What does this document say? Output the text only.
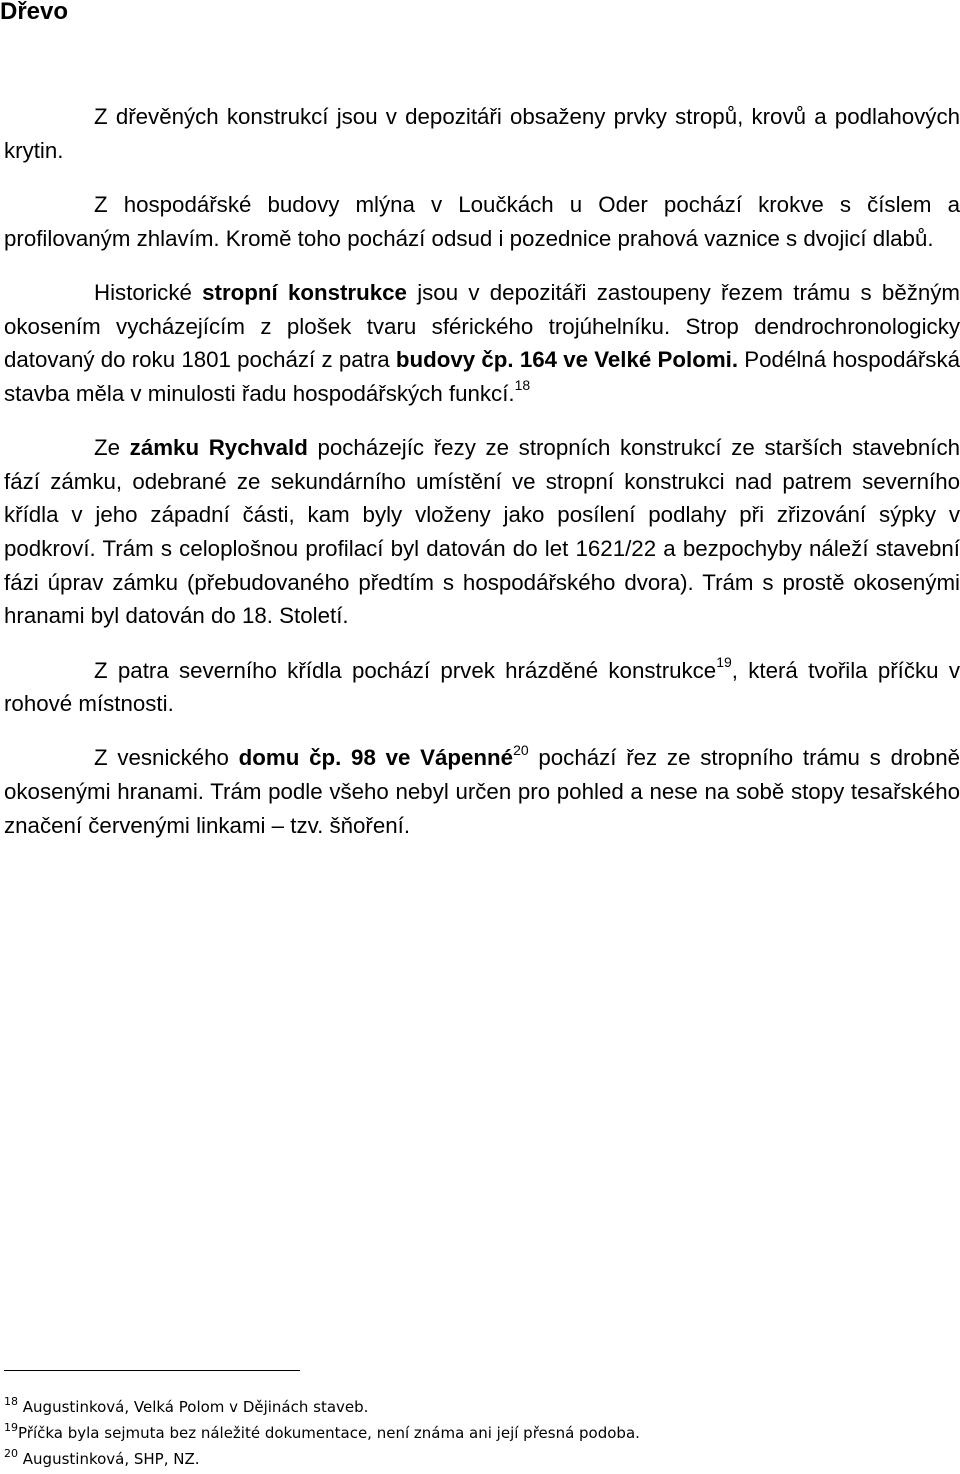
Dřevo

Z dřevěných konstrukcí jsou v depozitáři obsaženy prvky stropů, krovů a podlahových krytin.

Z hospodářské budovy mlýna v Loučkách u Oder pochází krokve s číslem a profilovaným zhlavím. Kromě toho pochází odsud i pozednice prahová vaznice s dvojicí dlabů.

Historické stropní konstrukce jsou v depozitáři zastoupeny řezem trámu s běžným okosením vycházejícím z plošek tvaru sférického trojúhelníku. Strop dendrochronologicky datovaný do roku 1801 pochází z patra budovy čp. 164 ve Velké Polomi. Podélná hospodářská stavba měla v minulosti řadu hospodářských funkcí.$^{18}$

Ze zámku Rychvald pocházejíc řezy ze stropních konstrukcí ze starších stavebních fází zámku, odebrané ze sekundárního umístění ve stropní konstrukci nad patrem severního křídla v jeho západní části, kam byly vloženy jako posílení podlahy při zřizování sýpky v podkroví. Trám s celoplošnou profilací byl datován do let 1621/22 a bezpochyby náleží stavební fázi úprav zámku (přebudovaného předtím s hospodářského dvora). Trám s prostě okosenými hranami byl datován do 18. Století.

Z patra severního křídla pochází prvek hrázděné konstrukce$^{19}$, která tvořila příčku v rohové místnosti.

Z vesnického domu čp. 98 ve Vápenné$^{20}$ pochází řez ze stropního trámu s drobně okosenými hranami. Trám podle všeho nebyl určen pro pohled a nese na sobě stopy tesařského značení červenými linkami – tzv. šňoření.

$^{18}$ Augustinková, Velká Polom v Dějinách staveb.
$^{19}$Příčka byla sejmuta bez náležité dokumentace, není známa ani její přesná podoba.
$^{20}$ Augustinková, SHP, NZ.
